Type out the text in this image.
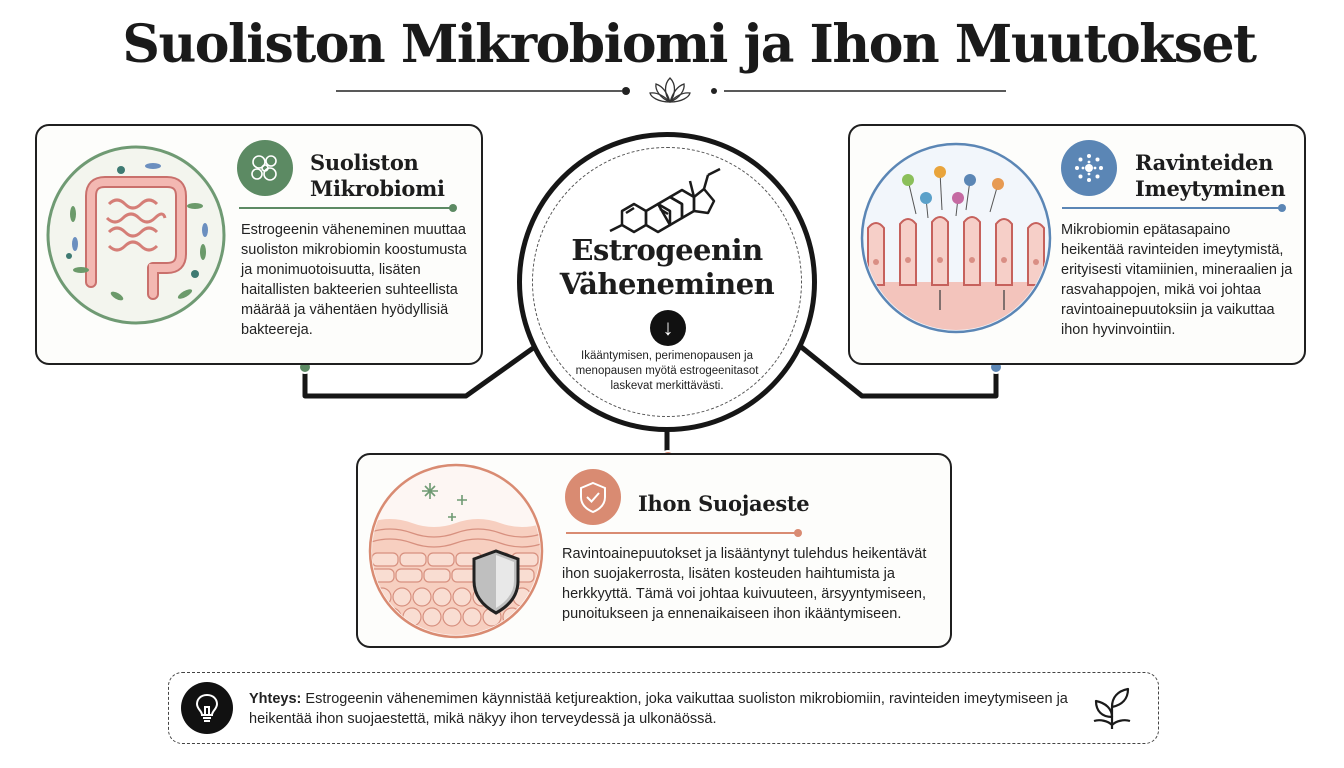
Suoliston Mikrobiomi ja Ihon Muutokset
Suoliston
Mikrobiomi
Estrogeenin väheneminen muuttaa suoliston mikrobiomin koostumusta ja monimuotoisuutta, lisäten haitallisten bakteerien suhteellista määrää ja vähentäen hyödyllisiä bakteereja.
Ravinteiden
Imeytyminen
Mikrobiomin epätasapaino heikentää ravinteiden imeytymistä, erityisesti vitamiinien, mineraalien ja rasvahappojen, mikä voi johtaa ravintoainepuutoksiin ja vaikuttaa ihon hyvinvointiin.
Ihon Suojaeste
Ravintoainepuutokset ja lisääntynyt tulehdus heikentävät ihon suojakerrosta, lisäten kosteuden haihtumista ja herkkyyttä. Tämä voi johtaa kuivuuteen, ärsyyntymiseen, punoitukseen ja ennenaikaiseen ihon ikääntymiseen.
Estrogeenin
Väheneminen
↓
Ikääntymisen, perimenopausen ja menopausen myötä estrogeenitasot laskevat merkittävästi.
Yhteys: Estrogeenin vähenemimen käynnistää ketjureaktion, joka vaikuttaa suoliston mikrobiomiin, ravinteiden imeytymiseen ja heikentää ihon suojaestettä, mikä näkyy ihon terveydessä ja ulkonäössä.
